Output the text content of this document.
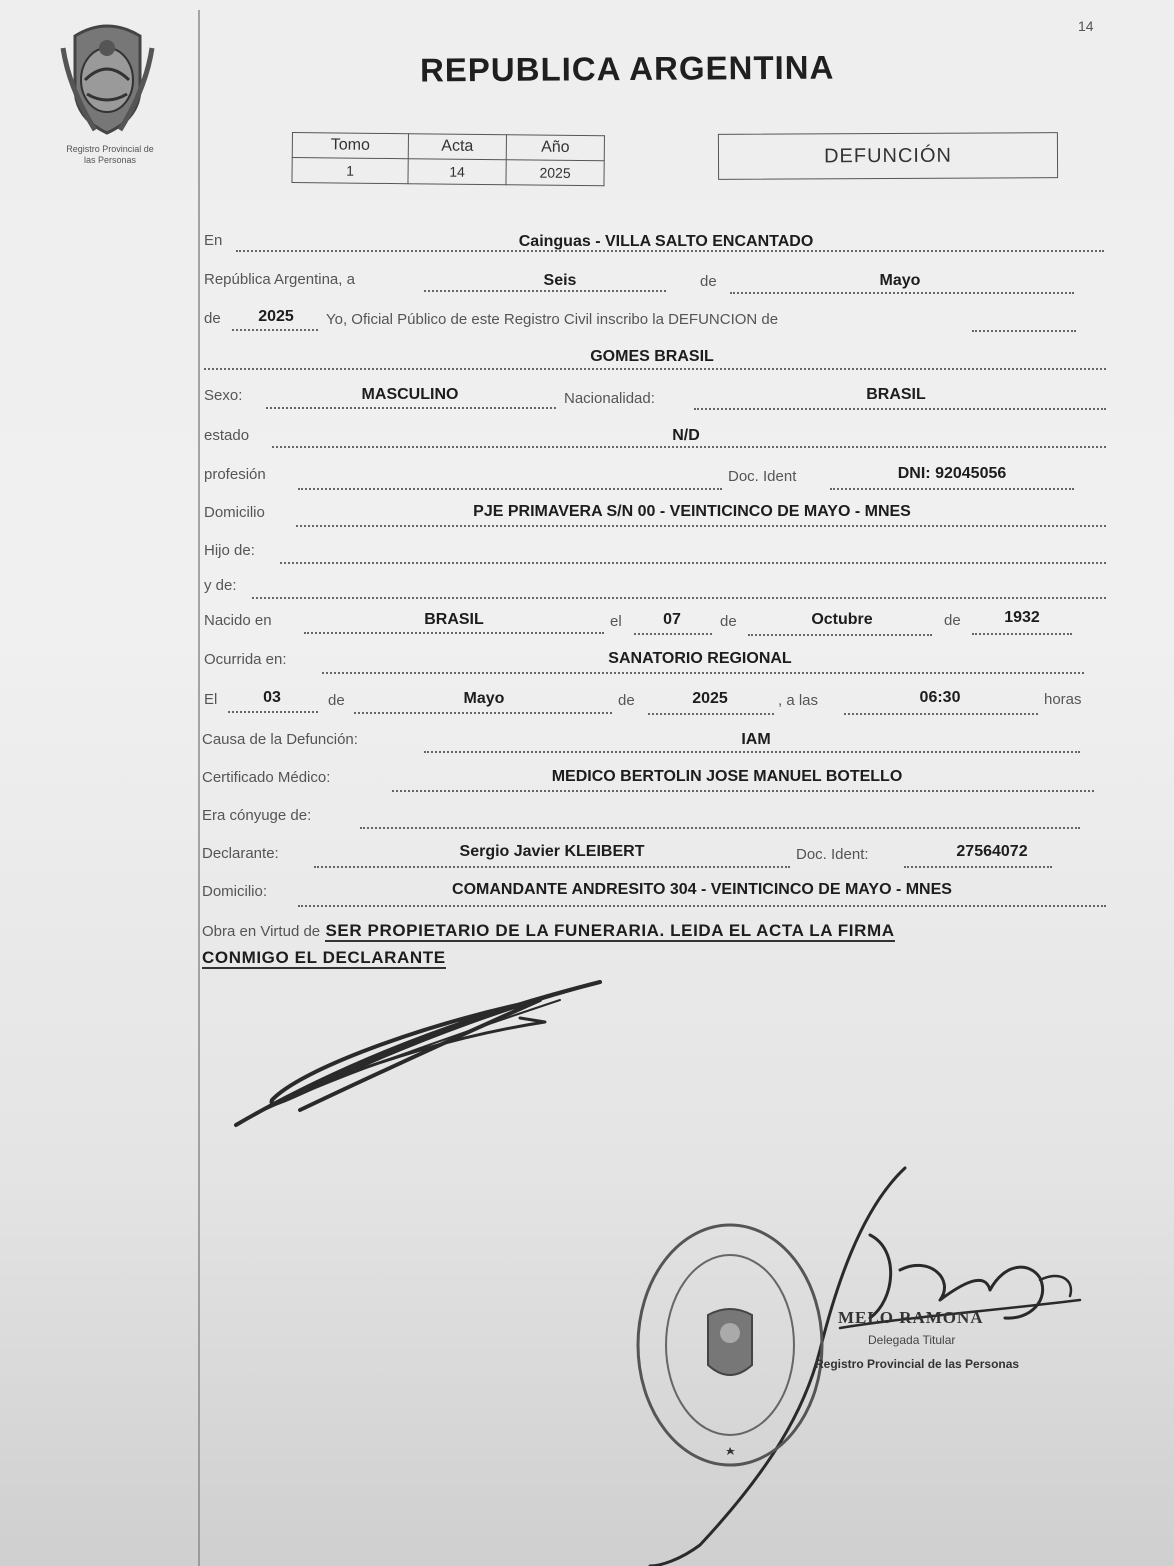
14
Registro Provincial de
las Personas
REPUBLICA ARGENTINA
Tomo	Acta	Año
1	14	2025
DEFUNCIÓN
En	Cainguas - VILLA SALTO ENCANTADO
República Argentina, a	Seis	de	Mayo
de 2025 Yo, Oficial Público de este Registro Civil inscribo la DEFUNCION de
GOMES BRASIL
Sexo:	MASCULINO	Nacionalidad:	BRASIL
estado	N/D
profesión	Doc. Ident	DNI: 92045056
Domicilio	PJE PRIMAVERA S/N 00 - VEINTICINCO DE MAYO - MNES
Hijo de:
y de:
Nacido en	BRASIL	el	07	de	Octubre	de	1932
Ocurrida en:	SANATORIO REGIONAL
El	03	de	Mayo	de	2025	, a las	06:30	horas
Causa de la Defunción:	IAM
Certificado Médico:	MEDICO BERTOLIN JOSE MANUEL BOTELLO
Era cónyuge de:
Declarante:	Sergio Javier KLEIBERT	Doc. Ident:	27564072
Domicilio:	COMANDANTE ANDRESITO 304 - VEINTICINCO DE MAYO - MNES
Obra en Virtud de SER PROPIETARIO DE LA FUNERARIA. LEIDA EL ACTA LA FIRMA
CONMIGO EL DECLARANTE
MELO RAMONA
Delegada Titular
Registro Provincial de las Personas
